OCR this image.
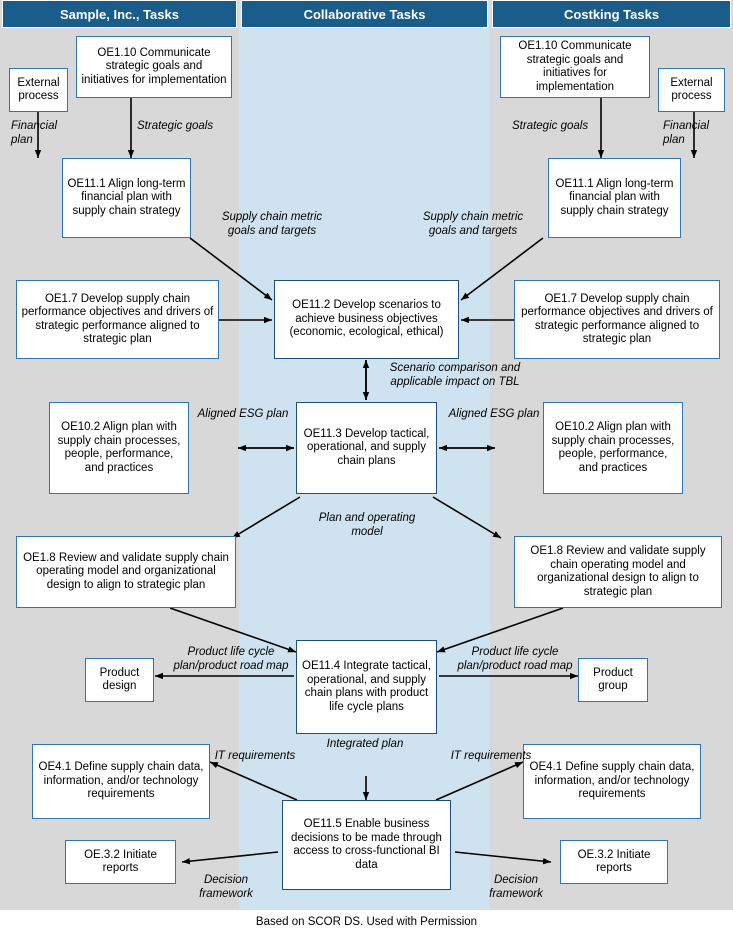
Sample, Inc., Tasks	Collaborative Tasks	Costking Tasks
External process
OE1.10 Communicate strategic goals and initiatives for implementation
OE11.1 Align long-term financial plan with supply chain strategy
OE1.7 Develop supply chain performance objectives and drivers of strategic performance aligned to strategic plan
OE10.2 Align plan with supply chain processes, people, performance, and practices
OE1.8 Review and validate supply chain operating model and organizational design to align to strategic plan
Product design
OE4.1 Define supply chain data, information, and/or technology requirements
OE.3.2 Initiate reports
OE11.2 Develop scenarios to achieve business objectives (economic, ecological, ethical)
OE11.3 Develop tactical, operational, and supply chain plans
OE11.4 Integrate tactical, operational, and supply chain plans with product life cycle plans
OE11.5 Enable business decisions to be made through access to cross-functional BI data
External process
OE1.10 Communicate strategic goals and initiatives for implementation
OE11.1 Align long-term financial plan with supply chain strategy
OE1.7 Develop supply chain performance objectives and drivers of strategic performance aligned to strategic plan
OE10.2 Align plan with supply chain processes, people, performance, and practices
OE1.8 Review and validate supply chain operating model and organizational design to align to strategic plan
Product group
OE4.1 Define supply chain data, information, and/or technology requirements
OE.3.2 Initiate reports
Financial plan
Strategic goals
Supply chain metric goals and targets
Aligned ESG plan
Product life cycle plan/product road map
IT requirements
Decision framework
Financial plan
Strategic goals
Supply chain metric goals and targets
Aligned ESG plan
Product life cycle plan/product road map
IT requirements
Decision framework
Scenario comparison and applicable impact on TBL
Plan and operating model
Integrated plan
Based on SCOR DS. Used with Permission
